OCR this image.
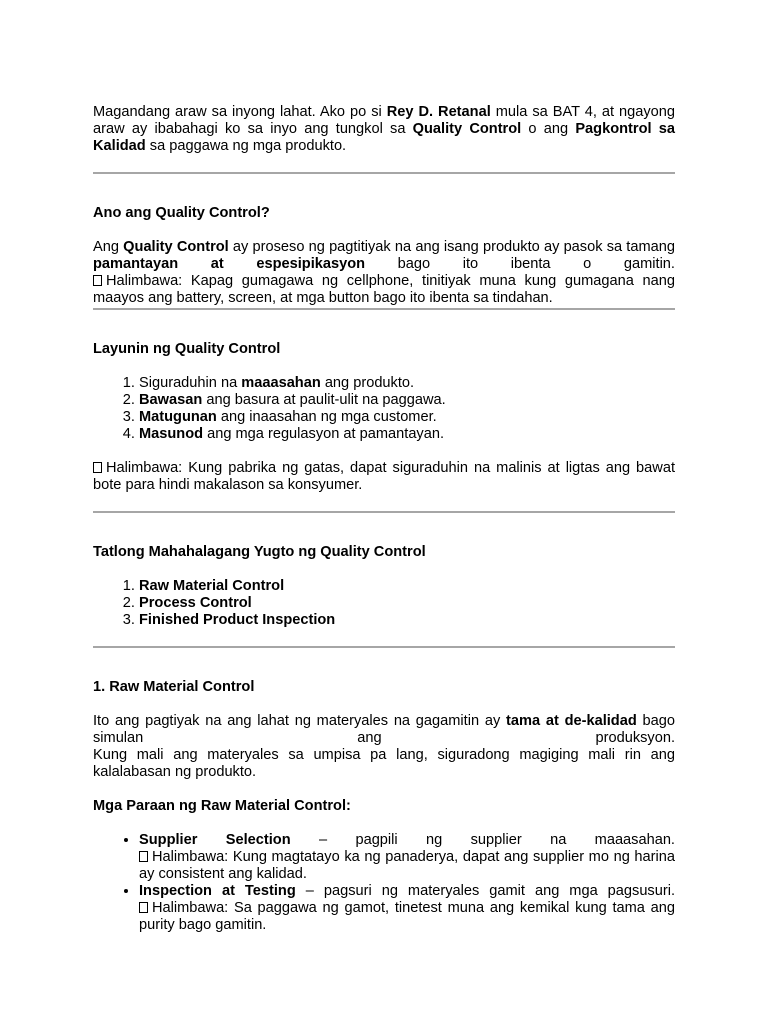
Magandang araw sa inyong lahat. Ako po si Rey D. Retanal mula sa BAT 4, at ngayong araw ay ibabahagi ko sa inyo ang tungkol sa Quality Control o ang Pagkontrol sa Kalidad sa paggawa ng mga produkto.

Ano ang Quality Control?

Ang Quality Control ay proseso ng pagtitiyak na ang isang produkto ay pasok sa tamang pamantayan at espesipikasyon bago ito ibenta o gamitin.

Halimbawa: Kapag gumagawa ng cellphone, tinitiyak muna kung gumagana nang maayos ang battery, screen, at mga button bago ito ibenta sa tindahan.

Layunin ng Quality Control
1. Siguraduhin na maaasahan ang produkto.
2. Bawasan ang basura at paulit-ulit na paggawa.
3. Matugunan ang inaasahan ng mga customer.
4. Masunod ang mga regulasyon at pamantayan.

Halimbawa: Kung pabrika ng gatas, dapat siguraduhin na malinis at ligtas ang bawat bote para hindi makalason sa konsyumer.

Tatlong Mahahalagang Yugto ng Quality Control
1. Raw Material Control
2. Process Control
3. Finished Product Inspection
1. Raw Material Control

Ito ang pagtiyak na ang lahat ng materyales na gagamitin ay tama at de-kalidad bago simulan ang produksyon.

Kung mali ang materyales sa umpisa pa lang, siguradong magiging mali rin ang kalalabasan ng produkto.

Mga Paraan ng Raw Material Control:

• Supplier Selection – pagpili ng supplier na maaasahan.

Halimbawa: Kung magtatayo ka ng panaderya, dapat ang supplier mo ng harina ay consistent ang kalidad.

• Inspection at Testing – pagsuri ng materyales gamit ang mga pagsusuri.

Halimbawa: Sa paggawa ng gamot, tinetest muna ang kemikal kung tama ang purity bago gamitin.
